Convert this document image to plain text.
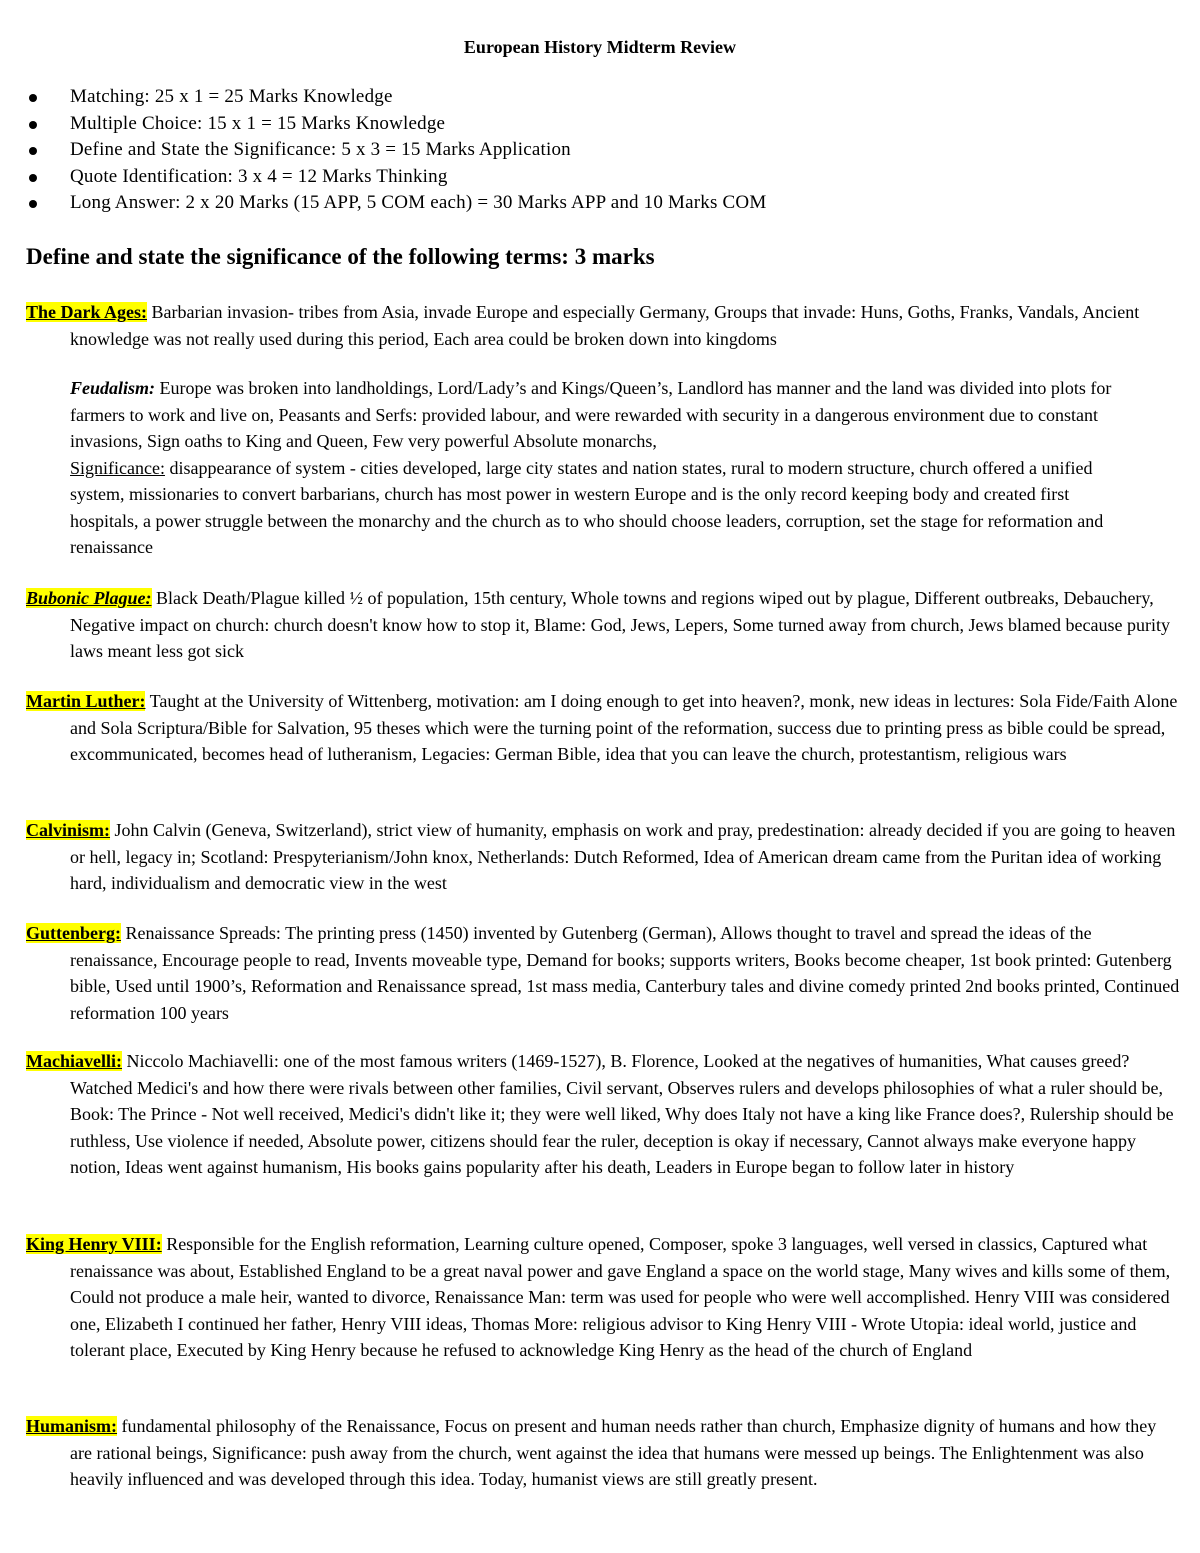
European History Midterm Review
Matching: 25 x 1 = 25 Marks Knowledge
Multiple Choice: 15 x 1 = 15 Marks Knowledge
Define and State the Significance: 5 x 3 = 15 Marks Application
Quote Identification: 3 x 4 = 12 Marks Thinking
Long Answer: 2 x 20 Marks (15 APP, 5 COM each) = 30 Marks APP and 10 Marks COM
Define and state the significance of the following terms: 3 marks
The Dark Ages: Barbarian invasion- tribes from Asia, invade Europe and especially Germany, Groups that invade: Huns, Goths, Franks, Vandals, Ancient knowledge was not really used during this period, Each area could be broken down into kingdoms
Feudalism: Europe was broken into landholdings, Lord/Lady’s and Kings/Queen’s, Landlord has manner and the land was divided into plots for farmers to work and live on, Peasants and Serfs: provided labour, and were rewarded with security in a dangerous environment due to constant invasions, Sign oaths to King and Queen, Few very powerful Absolute monarchs,
Significance: disappearance of system - cities developed, large city states and nation states, rural to modern structure, church offered a unified system, missionaries to convert barbarians, church has most power in western Europe and is the only record keeping body and created first hospitals, a power struggle between the monarchy and the church as to who should choose leaders, corruption, set the stage for reformation and renaissance
Bubonic Plague: Black Death/Plague killed ½ of population, 15th century, Whole towns and regions wiped out by plague, Different outbreaks, Debauchery, Negative impact on church: church doesn't know how to stop it, Blame: God, Jews, Lepers, Some turned away from church, Jews blamed because purity laws meant less got sick
Martin Luther: Taught at the University of Wittenberg, motivation: am I doing enough to get into heaven?, monk, new ideas in lectures: Sola Fide/Faith Alone and Sola Scriptura/Bible for Salvation, 95 theses which were the turning point of the reformation, success due to printing press as bible could be spread, excommunicated, becomes head of lutheranism, Legacies: German Bible, idea that you can leave the church, protestantism, religious wars
Calvinism: John Calvin (Geneva, Switzerland), strict view of humanity, emphasis on work and pray, predestination: already decided if you are going to heaven or hell, legacy in; Scotland: Prespyterianism/John knox, Netherlands: Dutch Reformed, Idea of American dream came from the Puritan idea of working hard, individualism and democratic view in the west
Guttenberg: Renaissance Spreads: The printing press (1450) invented by Gutenberg (German), Allows thought to travel and spread the ideas of the renaissance, Encourage people to read, Invents moveable type, Demand for books; supports writers, Books become cheaper, 1st book printed: Gutenberg bible, Used until 1900’s, Reformation and Renaissance spread, 1st mass media, Canterbury tales and divine comedy printed 2nd books printed, Continued reformation 100 years
Machiavelli: Niccolo Machiavelli: one of the most famous writers (1469-1527), B. Florence, Looked at the negatives of humanities, What causes greed? Watched Medici's and how there were rivals between other families, Civil servant, Observes rulers and develops philosophies of what a ruler should be, Book: The Prince - Not well received, Medici's didn't like it; they were well liked, Why does Italy not have a king like France does?, Rulership should be ruthless, Use violence if needed, Absolute power, citizens should fear the ruler, deception is okay if necessary, Cannot always make everyone happy notion, Ideas went against humanism, His books gains popularity after his death, Leaders in Europe began to follow later in history
King Henry VIII: Responsible for the English reformation, Learning culture opened, Composer, spoke 3 languages, well versed in classics, Captured what renaissance was about, Established England to be a great naval power and gave England a space on the world stage, Many wives and kills some of them, Could not produce a male heir, wanted to divorce, Renaissance Man: term was used for people who were well accomplished. Henry VIII was considered one, Elizabeth I continued her father, Henry VIII ideas, Thomas More: religious advisor to King Henry VIII - Wrote Utopia: ideal world, justice and tolerant place, Executed by King Henry because he refused to acknowledge King Henry as the head of the church of England
Humanism: fundamental philosophy of the Renaissance, Focus on present and human needs rather than church, Emphasize dignity of humans and how they are rational beings, Significance: push away from the church, went against the idea that humans were messed up beings. The Enlightenment was also heavily influenced and was developed through this idea. Today, humanist views are still greatly present.
